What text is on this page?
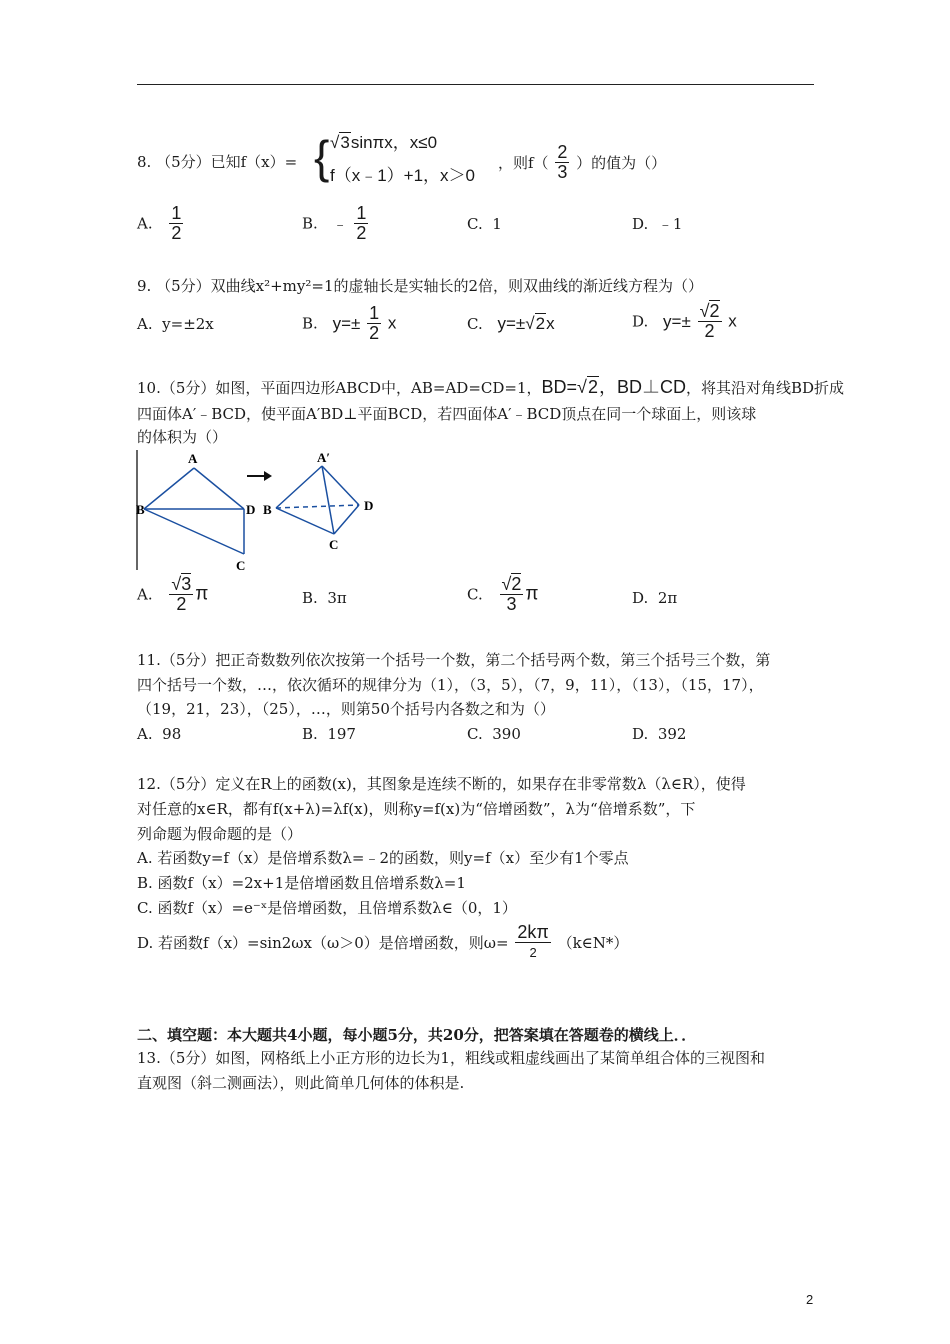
8. （5分）已知f（x）= { √3sinπx，x≤0
f（x﹣1）+1，x＞0
，则$f( \frac{2}{3}$ ）的值为（）
A. $\frac{1}{2}$	B. ﹣ $\frac{1}{2}$	C. 1	D. ﹣1
9. （5分）双曲线x²+my²=1的虚轴长是实轴长的2倍，则双曲线的渐近线方程为（）
A. y=±2x	B. $y=\pm \frac{1}{2}$ x	C. y=±√2x	D. $y=\pm \frac{√2}{2}$ x
10.（5分）如图，平面四边形ABCD中，AB=AD=CD=1，BD=√2，BD⊥CD，将其沿对角线BD折成
四面体A′﹣BCD，使平面A′BD⊥平面BCD，若四面体A′﹣BCD顶点在同一个球面上，则该球
的体积为（）
A
B	D
C
A′
B	D
C
A. $\frac{√3}{2}$ π	B. 3π	C. $\frac{√2}{3}$ π	D. 2π
11.（5分）把正奇数数列依次按第一个括号一个数，第二个括号两个数，第三个括号三个数，第
四个括号一个数，…，依次循环的规律分为（1），（3，5），（7，9，11），（13），（15，17），
（19，21，23），（25），…，则第50个括号内各数之和为（）
A. 98	B. 197	C. 390	D. 392
12.（5分）定义在R上的函数(x)，其图象是连续不断的，如果存在非零常数λ（λ∈R），使得
对任意的x∈R，都有f(x+λ)=λf(x)，则称y=f(x)为“倍增函数”，λ为“倍增系数”，下
列命题为假命题的是（）
A. 若函数y=f（x）是倍增系数λ=﹣2的函数，则y=f（x）至少有1个零点
B. 函数f（x）=2x+1是倍增函数且倍增系数λ=1
C. 函数f（x）=e⁻ˣ是倍增函数，且倍增系数λ∈（0，1）
D. 若函数f（x）=sin2ωx（ω＞0）是倍增函数，则$\omega= \frac{2k\pi}{2}$ （k∈N*）
二、填空题：本大题共4小题，每小题5分，共20分，把答案填在答题卷的横线上．．
13.（5分）如图，网格纸上小正方形的边长为1，粗线或粗虚线画出了某简单组合体的三视图和
直观图（斜二测画法），则此简单几何体的体积是.
2
